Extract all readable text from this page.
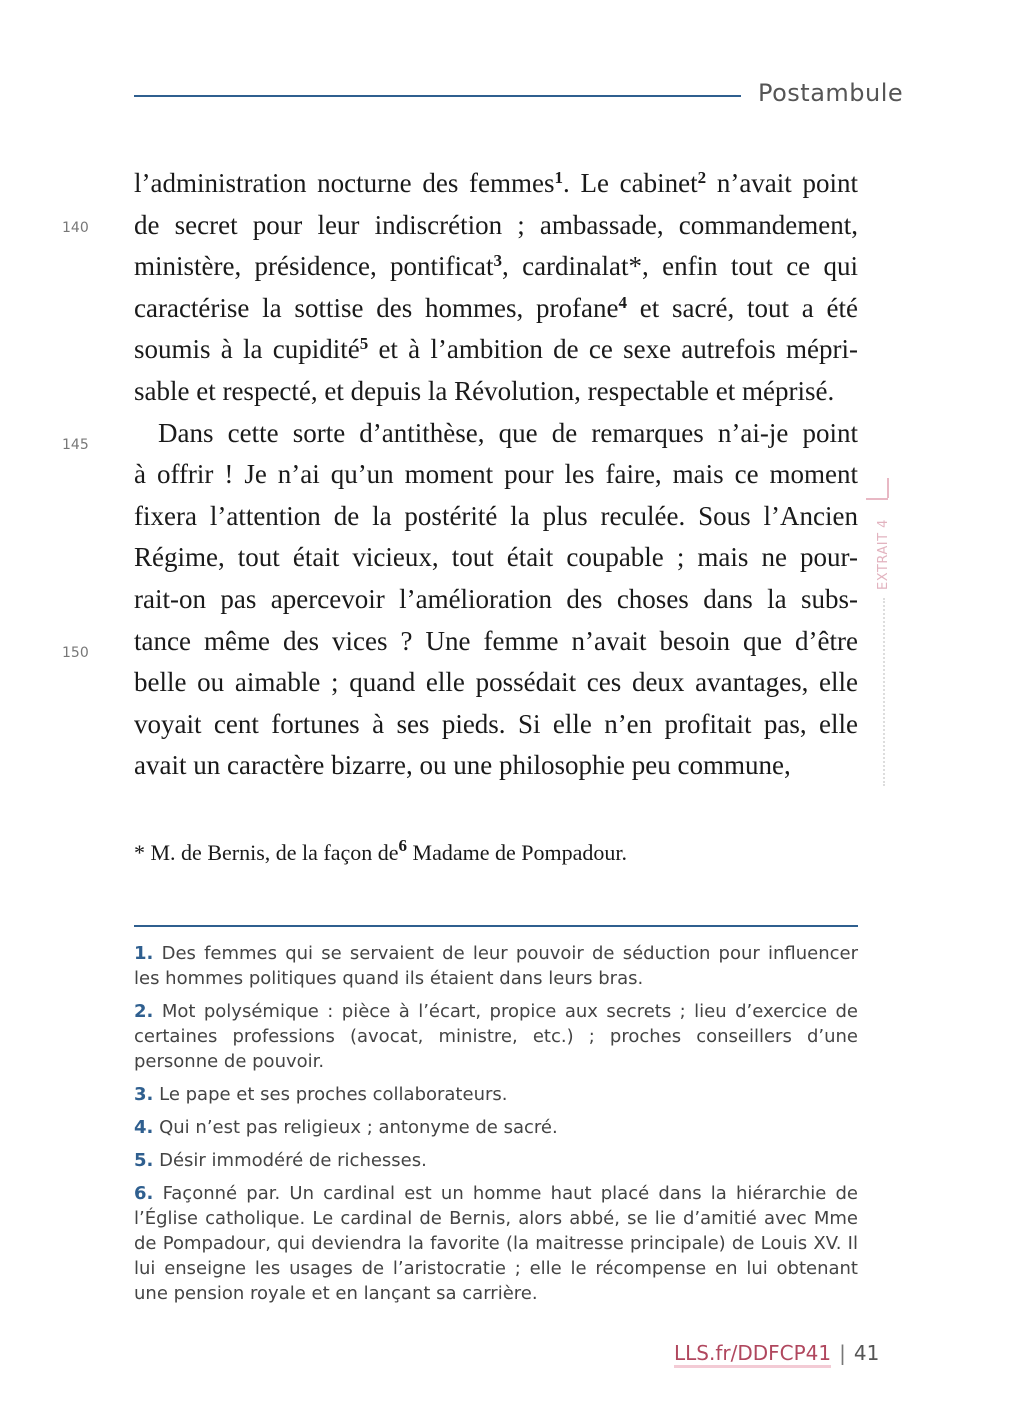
Postambule
140
145
150
l’administration nocturne des femmes$^1$. Le cabinet$^2$ n’avait point
de secret pour leur indiscrétion ; ambassade, commandement,
ministère, présidence, pontificat$^3$, cardinalat*, enfin tout ce qui
caractérise la sottise des hommes, profane$^4$ et sacré, tout a été
soumis à la cupidité$^5$ et à l’ambition de ce sexe autrefois mépri-
sable et respecté, et depuis la Révolution, respectable et méprisé.
Dans cette sorte d’antithèse, que de remarques n’ai-je point
à offrir ! Je n’ai qu’un moment pour les faire, mais ce moment
fixera l’attention de la postérité la plus reculée. Sous l’Ancien
Régime, tout était vicieux, tout était coupable ; mais ne pour-
rait-on pas apercevoir l’amélioration des choses dans la subs-
tance même des vices ? Une femme n’avait besoin que d’être
belle ou aimable ; quand elle possédait ces deux avantages, elle
voyait cent fortunes à ses pieds. Si elle n’en profitait pas, elle
avait un caractère bizarre, ou une philosophie peu commune,
EXTRAIT 4
* M. de Bernis, de la façon $de^6$ Madame de Pompadour.
1. Des femmes qui se servaient de leur pouvoir de séduction pour influencer les hommes politiques quand ils étaient dans leurs bras.
2. Mot polysémique : pièce à l’écart, propice aux secrets ; lieu d’exercice de certaines professions (avocat, ministre, etc.) ; proches conseillers d’une personne de pouvoir.
3. Le pape et ses proches collaborateurs.
4. Qui n’est pas religieux ; antonyme de sacré.
5. Désir immodéré de richesses.
6. Façonné par. Un cardinal est un homme haut placé dans la hiérarchie de l’Église catholique. Le cardinal de Bernis, alors abbé, se lie d’amitié avec Mme de Pompadour, qui deviendra la favorite (la maitresse principale) de Louis XV. Il lui enseigne les usages de l’aristocratie ; elle le récompense en lui obtenant une pension royale et en lançant sa carrière.
LLS.fr/DDFCP41 | 41
